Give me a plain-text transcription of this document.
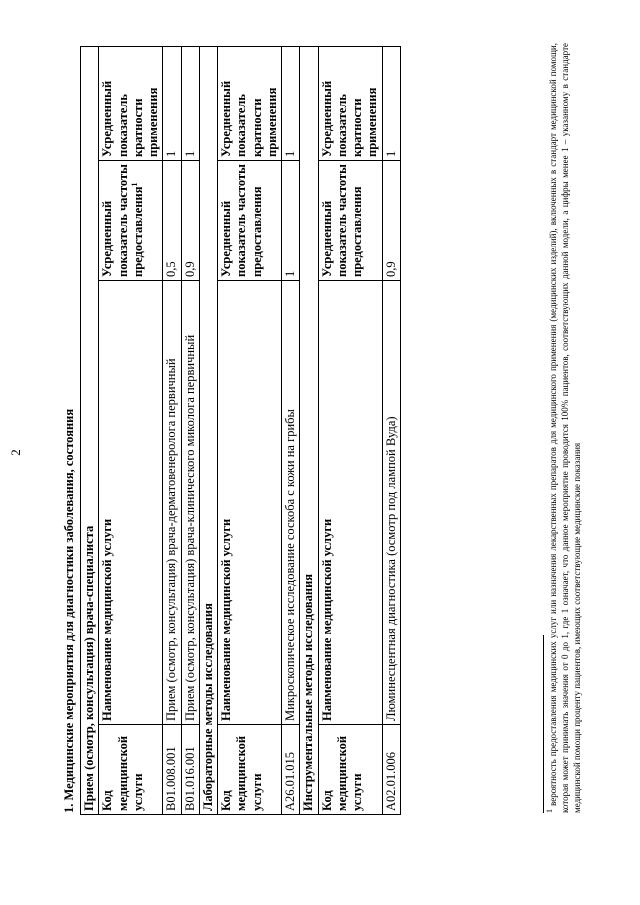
2	1. Медицинские мероприятия для диагностики заболевания, состояния Прием (осмотр, консультация) врача-специалиста			
Код медицинской услуги	Наименование медицинской услуги	Усредненный показатель частоты предоставления$^1$	Усредненный показатель кратности применения
B01.008.001	Прием (осмотр, консультация) врача-дерматовенеролога первичный	0,5	1
B01.016.001	Прием (осмотр, консультация) врача-клинического миколога первичный	0,9	1
Лабораторные методы исследования			
Код медицинской услуги	Наименование медицинской услуги	Усредненный показатель частоты предоставления	Усредненный показатель кратности применения
A26.01.015	Микроскопическое исследование соскоба с кожи на грибы	1	1
Инструментальные методы исследования			
Код медицинской услуги	Наименование медицинской услуги	Усредненный показатель частоты предоставления	Усредненный показатель кратности применения
A02.01.006	Люминесцентная диагностика (осмотр под лампой Вуда)	0,9	1
$^1$ вероятность предоставления медицинских услуг или назначения лекарственных препаратов для медицинского применения (медицинских изделий), включенных в стандарт медицинской помощи, которая может принимать значения от 0 до 1, где 1 означает, что данное мероприятие проводится 100% пациентов, соответствующих данной модели, а цифры менее 1 – указанному в стандарте медицинской помощи проценту пациентов, имеющих соответствующие медицинские показания
